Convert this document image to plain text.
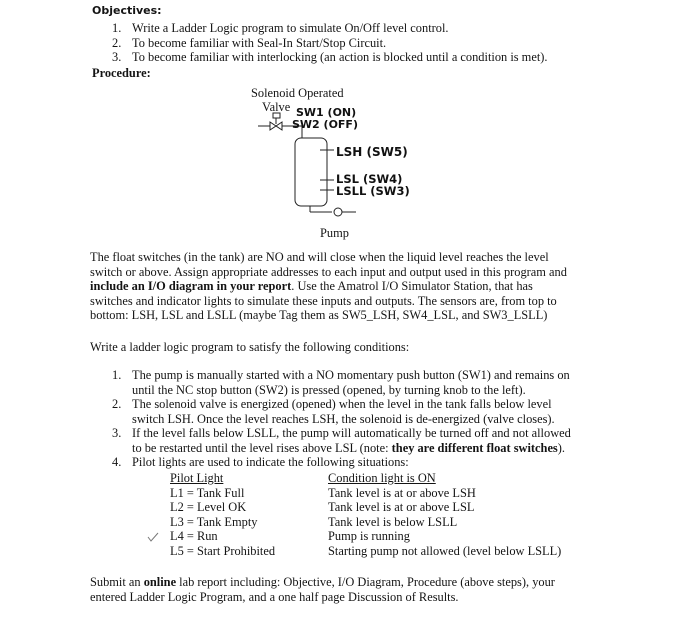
Objectives:
1. Write a Ladder Logic program to simulate On/Off level control.
2. To become familiar with Seal-In Start/Stop Circuit.
3. To become familiar with interlocking (an action is blocked until a condition is met).
Procedure:
Solenoid Operated
Valve SW1 (ON)
SW2 (OFF)
LSH (SW5)
LSL (SW4)
LSLL (SW3)
Pump
The float switches (in the tank) are NO and will close when the liquid level reaches the level
switch or above. Assign appropriate addresses to each input and output used in this program and
include an I/O diagram in your report. Use the Amatrol I/O Simulator Station, that has
switches and indicator lights to simulate these inputs and outputs. The sensors are, from top to
bottom: LSH, LSL and LSLL (maybe Tag them as SW5_LSH, SW4_LSL, and SW3_LSLL)
Write a ladder logic program to satisfy the following conditions:
1. The pump is manually started with a NO momentary push button (SW1) and remains on
until the NC stop button (SW2) is pressed (opened, by turning knob to the left).
2. The solenoid valve is energized (opened) when the level in the tank falls below level
switch LSH. Once the level reaches LSH, the solenoid is de-energized (valve closes).
3. If the level falls below LSLL, the pump will automatically be turned off and not allowed
to be restarted until the level rises above LSL (note: they are different float switches).
4. Pilot lights are used to indicate the following situations:
Pilot Light	Condition light is ON
L1 = Tank Full	Tank level is at or above LSH
L2 = Level OK	Tank level is at or above LSL
L3 = Tank Empty	Tank level is below LSLL
L4 = Run	Pump is running
L5 = Start Prohibited	Starting pump not allowed (level below LSLL)
Submit an online lab report including: Objective, I/O Diagram, Procedure (above steps), your
entered Ladder Logic Program, and a one half page Discussion of Results.
